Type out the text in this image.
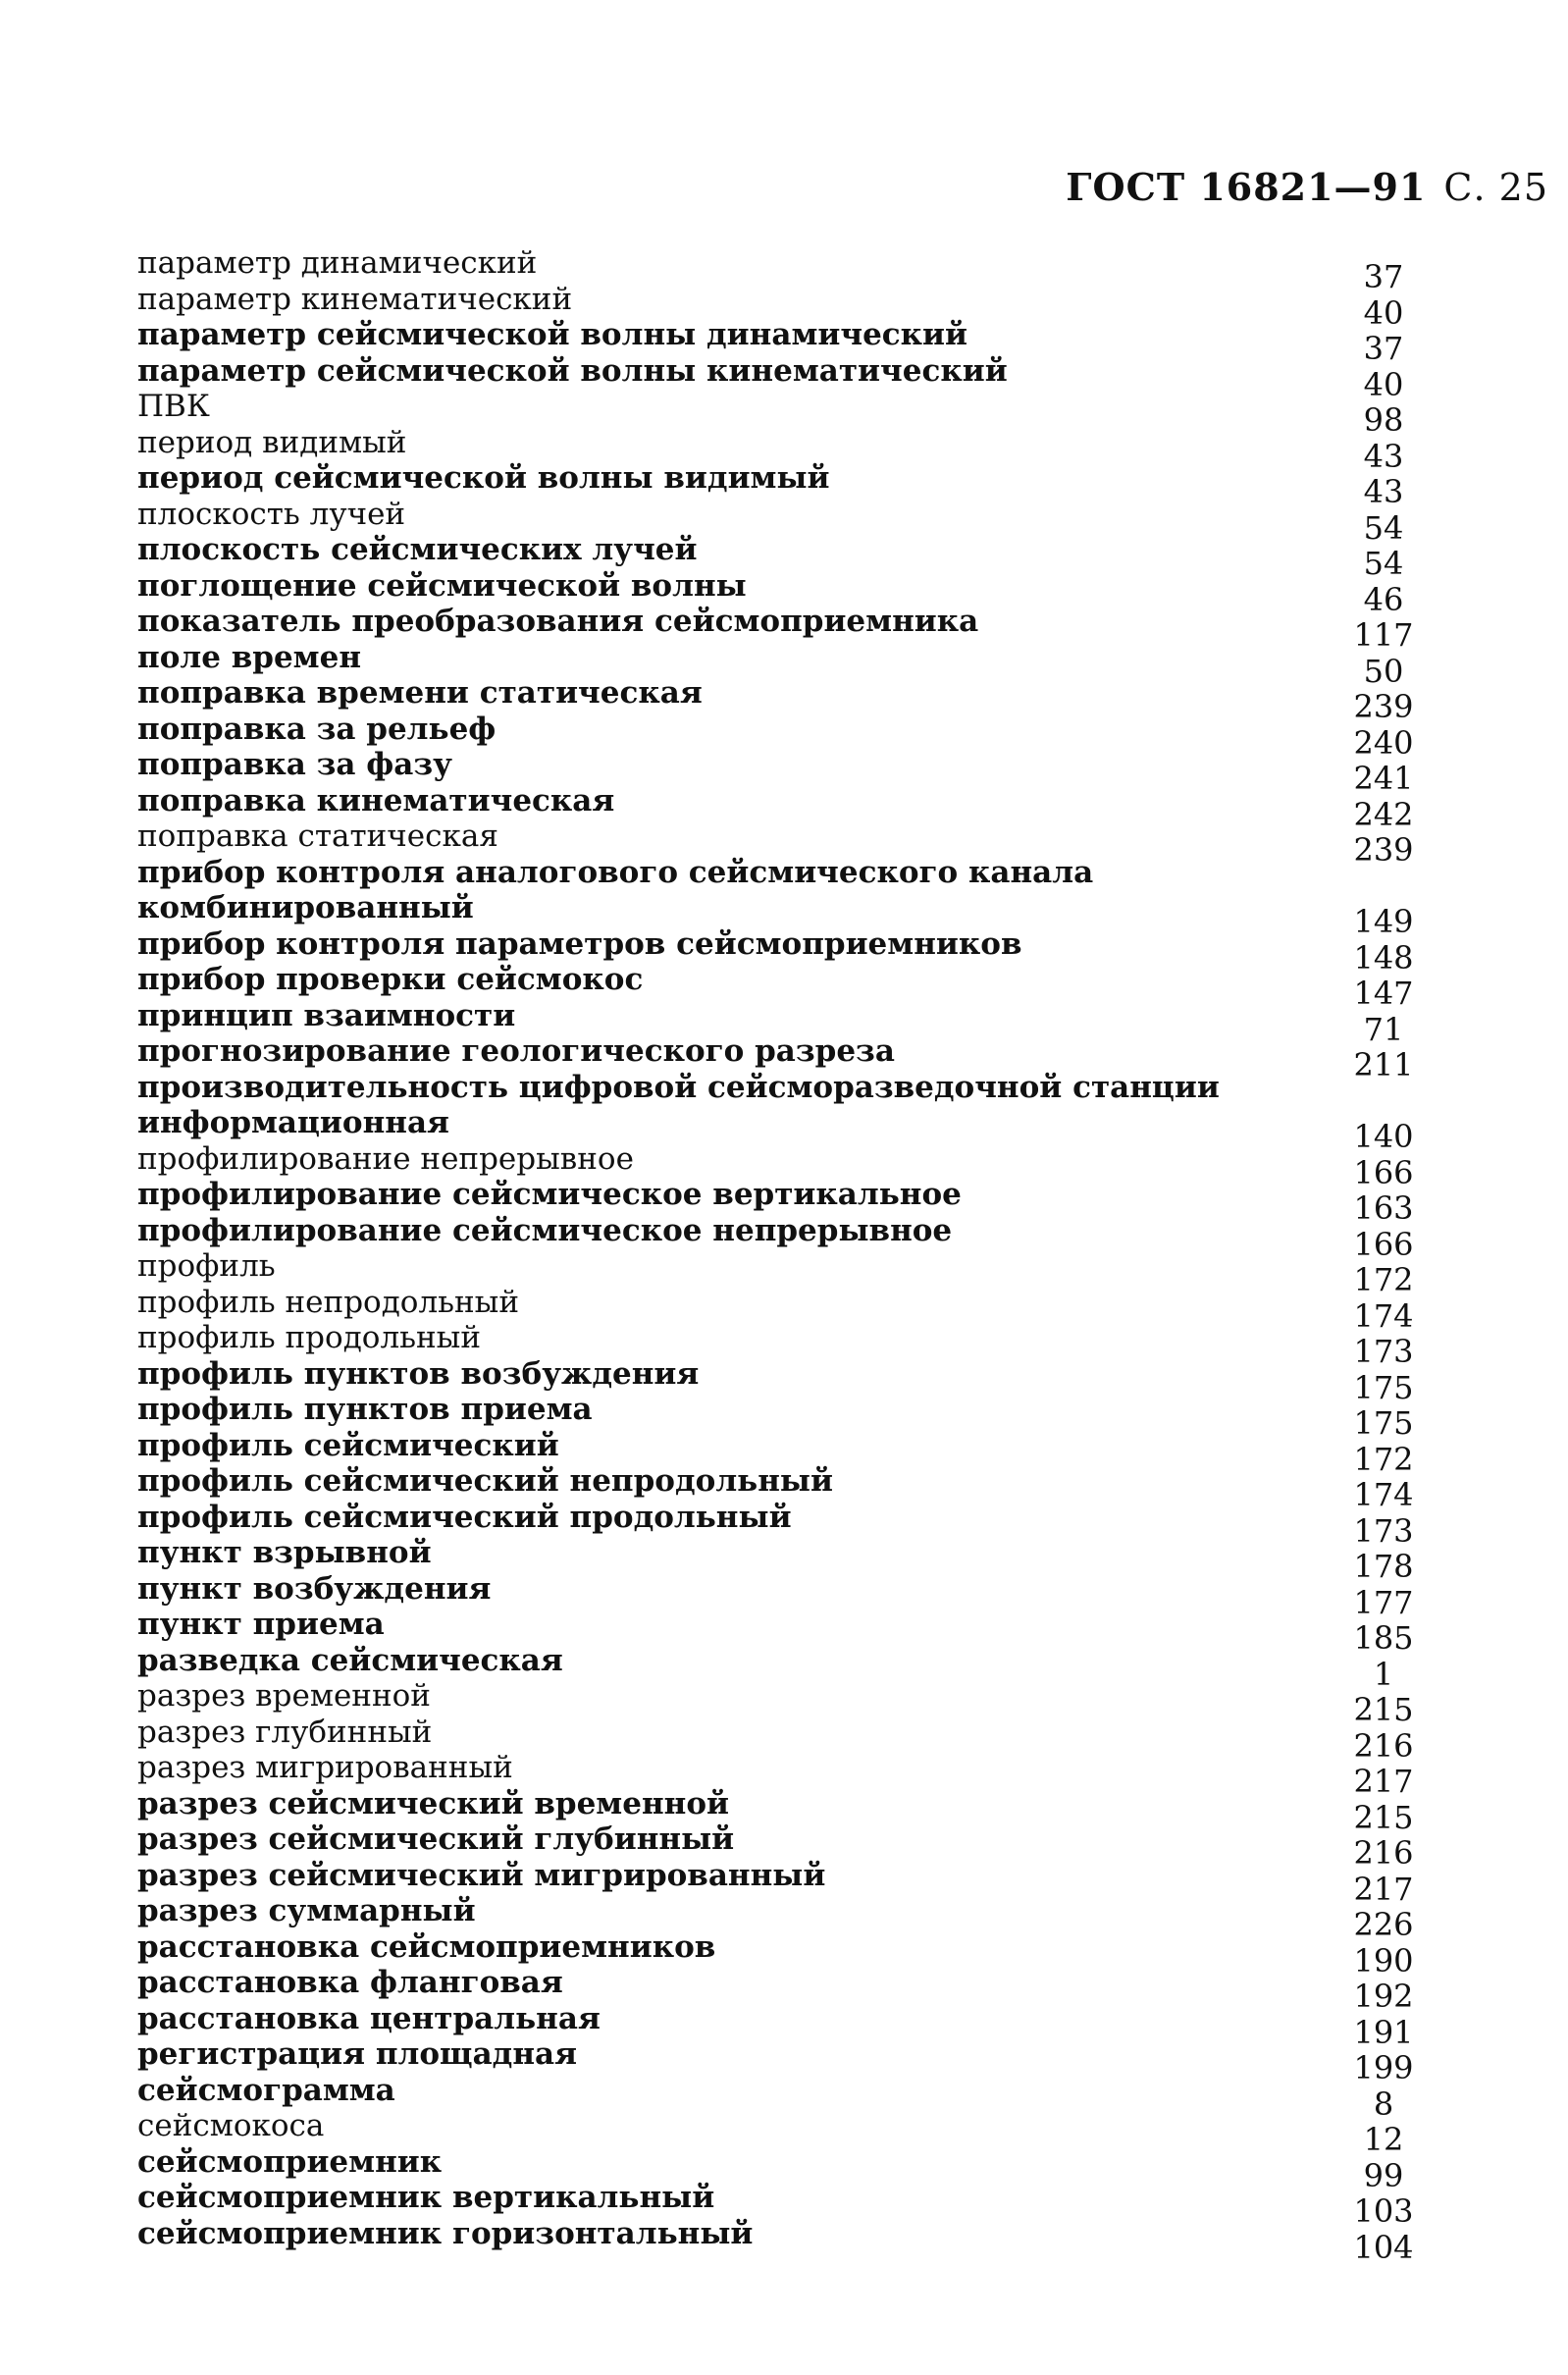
ГОСТ 16821—91 С. 25
параметр динамический	37
параметр кинематический	40
параметр сейсмической волны динамический	37
параметр сейсмической волны кинематический	40
ПВК	98
период видимый	43
период сейсмической волны видимый	43
плоскость лучей	54
плоскость сейсмических лучей	54
поглощение сейсмической волны	46
показатель преобразования сейсмоприемника	117
поле времен	50
поправка времени статическая	239
поправка за рельеф	240
поправка за фазу	241
поправка кинематическая	242
поправка статическая	239
прибор контроля аналогового сейсмического канала комбинированный	149
прибор контроля параметров сейсмоприемников	148
прибор проверки сейсмокос	147
принцип взаимности	71
прогнозирование геологического разреза	211
производительность цифровой сейсморазведочной станции информационная	140
профилирование непрерывное	166
профилирование сейсмическое вертикальное	163
профилирование сейсмическое непрерывное	166
профиль	172
профиль непродольный	174
профиль продольный	173
профиль пунктов возбуждения	175
профиль пунктов приема	175
профиль сейсмический	172
профиль сейсмический непродольный	174
профиль сейсмический продольный	173
пункт взрывной	178
пункт возбуждения	177
пункт приема	185
разведка сейсмическая	1
разрез временной	215
разрез глубинный	216
разрез мигрированный	217
разрез сейсмический временной	215
разрез сейсмический глубинный	216
разрез сейсмический мигрированный	217
разрез суммарный	226
расстановка сейсмоприемников	190
расстановка фланговая	192
расстановка центральная	191
регистрация площадная	199
сейсмограмма	8
сейсмокоса	12
сейсмоприемник	99
сейсмоприемник вертикальный	103
сейсмоприемник горизонтальный	104
